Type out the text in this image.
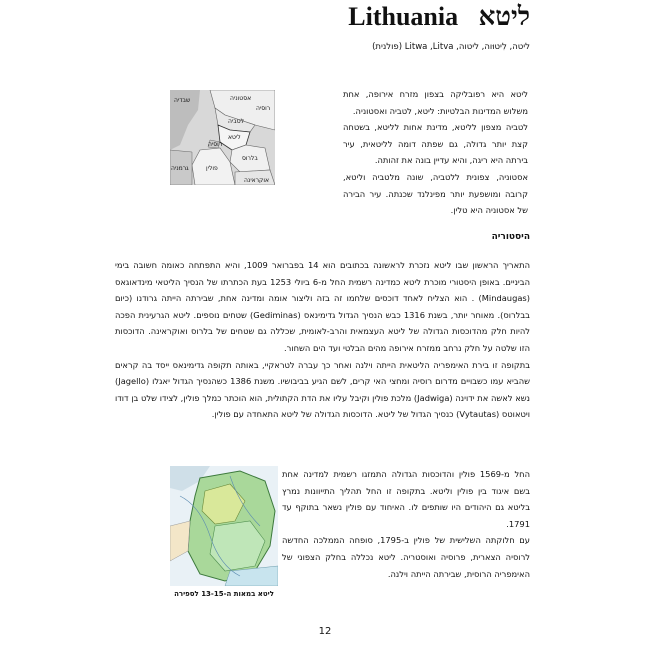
Lithuania ליטא
ליטה, לִיטוּוה, ליטוה, Litwa ,Litva (פולנית)
שבדיה	אסטוניה
רוסיה
לטביה
ליטא
רוסיה
בלרוס
פולין
גרמניה
אוקראינה

ליטא היא רפובליקה בצפון מזרח אירופה, אחת משלוש המדינות הבלטיות: ליטא, לטביה ואסטוניה.

לטביה מצפון לליטא, מדינת אחות לליטא, בשטחה קצת יותר גדולה, גם שפתה דומה לליטאית, עיר בירתה היא ריגה, והיא עדיין בונה את זהותה.

אסטוניה, צפונית ללטביה, שונה מלטביה וליטא, קרובה ומושפעת יותר מפינלנד שכנתה. עיר הבירה של אסטוניה היא טלין.

היסטוריה

התאריך הראשון שבו ליטא נזכרת לראשונה בכתובים הוא 14 בפברואר 1009, והיא התפתחה כאומה חשובה בימי הביניים. באופן היסטורי מוכרת ליטא כמדינה רשמית החל מ-6 ביולי 1253 בעת הכתרתו של הנסיך הליטאי מינדאוגאס (Mindaugas) . הוא הצליח לאחד דוכסים שלחמו זה בזה וליצור אומה ומדינה אחת, שבירתה הייתה גרודנו (כיום בבלרוס). מאוחר יותר, בשנת 1316 כבש הנסיך הגדול גדימינאס (Gediminas) שטחים נוספים. ליטא הגרעינית הפכה להיות חלק מהדוכסות הגדולה של ליטא העצמאית והרב-לאומית, שכללה גם שטחים של בלרוס ואוקראינה. הדוכסות הזו שלטה על חלק נרחב ממזרח אירופה מהים הבלטי ועד הים השחור.

בתקופה זו בירת האימפריה הליטאית הייתה וילנה ואחר כך עברה לטראקיי, באותה תקופה גדימינאס ייסד בה קראים שהביא עמו כשבויים מדרום רוסיה ומחצי האי קרים, לשם הגיע בביבושיו. משנת 1386 כשהנסיך הגדול יאגלו (Jagello) נשא לאשה את ידוינה (Jadwiga) מלכת פולין וקיבל עליו את הדת הקתולית, הוא הוכתר כמלך פולין, לצידו שלט בן דודו ויטאוטס (Vytautas) כנסיך הגדול של ליטא. הדוכסות הגדולה של ליטא התאחדה עם פולין.

ליטא במאות ה-13-15 לספירה

החל מ-1569 פולין והדוכסות הגדולה התמזגו רשמית למדינה אחת בשם איגוד בין פולין וליטא. בתקופה זו החל תהליך התייוונות נמרץ בליטא גם היהודים היו שותפים לו. האיחוד עם פולין נשאר בתוקף עד 1791.

עם חלוקתה השלישית של פולין ב-1795, סופחה הממלכה החדשה לרוסיה הצארית, פרוסיה ואוסטריה. ליטא נכללה בחלק הצפוני של האימפריה הרוסית, שבירתה הייתה וילנה.

12
